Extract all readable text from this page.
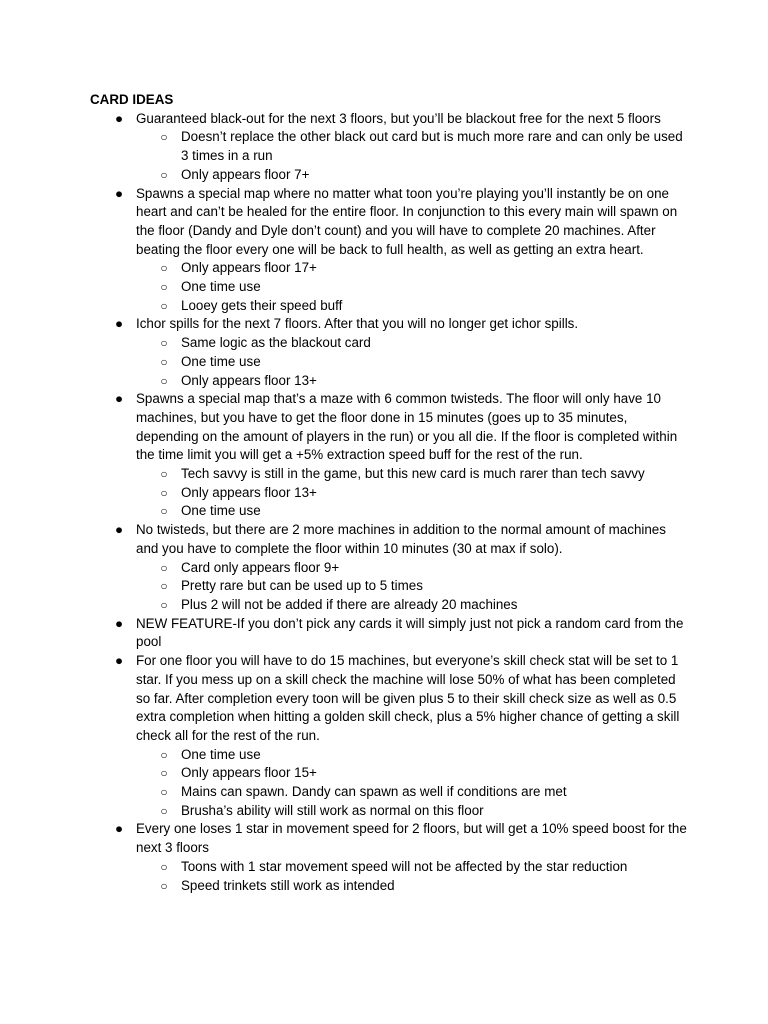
CARD IDEAS
● Guaranteed black-out for the next 3 floors, but you’ll be blackout free for the next 5 floors
○ Doesn’t replace the other black out card but is much more rare and can only be used 3 times in a run
○ Only appears floor 7+
● Spawns a special map where no matter what toon you’re playing you’ll instantly be on one heart and can’t be healed for the entire floor. In conjunction to this every main will spawn on the floor (Dandy and Dyle don’t count) and you will have to complete 20 machines. After beating the floor every one will be back to full health, as well as getting an extra heart.
○ Only appears floor 17+
○ One time use
○ Looey gets their speed buff
● Ichor spills for the next 7 floors. After that you will no longer get ichor spills.
○ Same logic as the blackout card
○ One time use
○ Only appears floor 13+
● Spawns a special map that’s a maze with 6 common twisteds. The floor will only have 10 machines, but you have to get the floor done in 15 minutes (goes up to 35 minutes, depending on the amount of players in the run) or you all die. If the floor is completed within the time limit you will get a +5% extraction speed buff for the rest of the run.
○ Tech savvy is still in the game, but this new card is much rarer than tech savvy
○ Only appears floor 13+
○ One time use
● No twisteds, but there are 2 more machines in addition to the normal amount of machines and you have to complete the floor within 10 minutes (30 at max if solo).
○ Card only appears floor 9+
○ Pretty rare but can be used up to 5 times
○ Plus 2 will not be added if there are already 20 machines
● NEW FEATURE-If you don’t pick any cards it will simply just not pick a random card from the pool
● For one floor you will have to do 15 machines, but everyone’s skill check stat will be set to 1 star. If you mess up on a skill check the machine will lose 50% of what has been completed so far. After completion every toon will be given plus 5 to their skill check size as well as 0.5 extra completion when hitting a golden skill check, plus a 5% higher chance of getting a skill check all for the rest of the run.
○ One time use
○ Only appears floor 15+
○ Mains can spawn. Dandy can spawn as well if conditions are met
○ Brusha’s ability will still work as normal on this floor
● Every one loses 1 star in movement speed for 2 floors, but will get a 10% speed boost for the next 3 floors
○ Toons with 1 star movement speed will not be affected by the star reduction
○ Speed trinkets still work as intended
